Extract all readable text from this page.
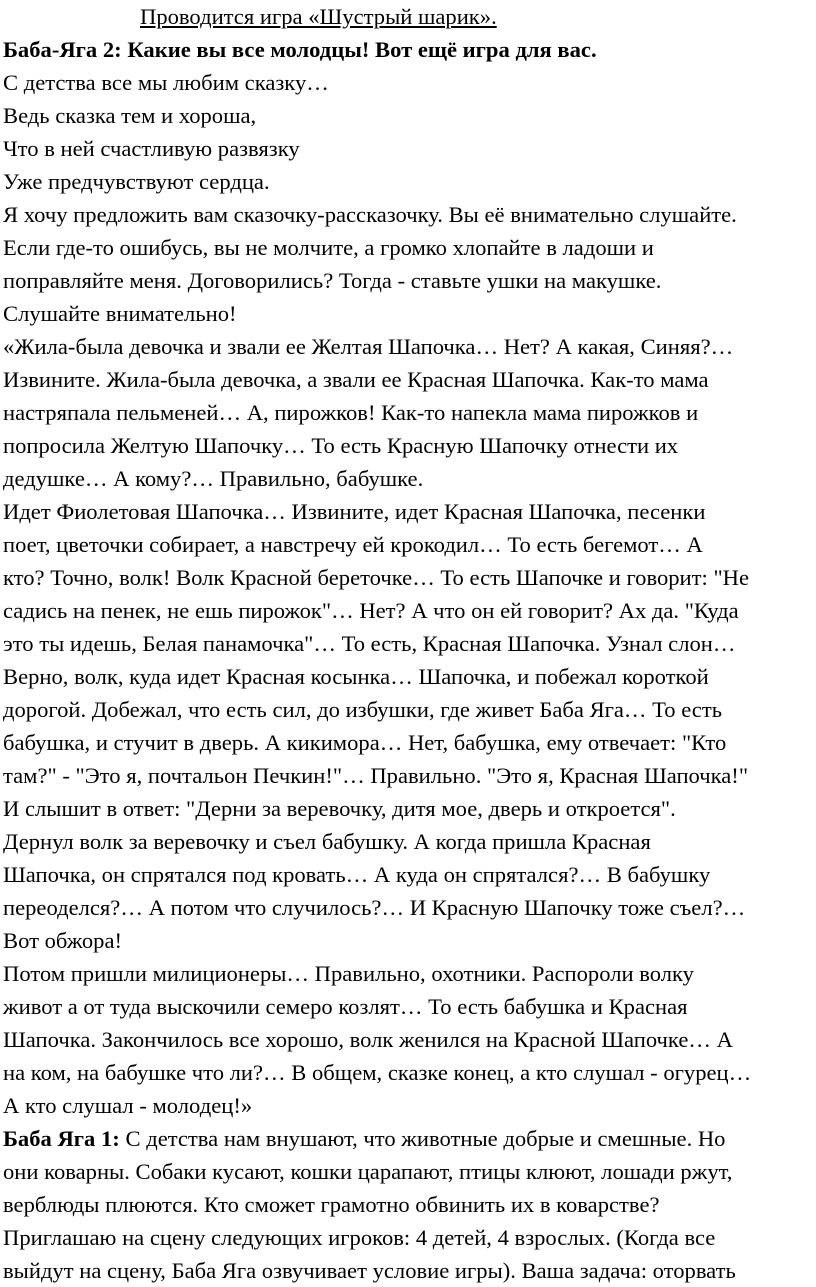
Проводится игра «Шустрый шарик».
Баба-Яга 2: Какие вы все молодцы! Вот ещё игра для вас.
С детства все мы любим сказку…
Ведь сказка тем и хороша,
Что в ней счастливую развязку
Уже предчувствуют сердца.
Я хочу предложить вам сказочку-рассказочку. Вы её внимательно слушайте.
Если где-то ошибусь, вы не молчите, а громко хлопайте в ладоши и
поправляйте меня. Договорились? Тогда - ставьте ушки на макушке.
Слушайте внимательно!
«Жила-была девочка и звали ее Желтая Шапочка… Нет? А какая, Синяя?…
Извините. Жила-была девочка, а звали ее Красная Шапочка. Как-то мама
настряпала пельменей… А, пирожков! Как-то напекла мама пирожков и
попросила Желтую Шапочку… То есть Красную Шапочку отнести их
дедушке… А кому?… Правильно, бабушке.
Идет Фиолетовая Шапочка… Извините, идет Красная Шапочка, песенки
поет, цветочки собирает, а навстречу ей крокодил… То есть бегемот… А
кто? Точно, волк! Волк Красной береточке… То есть Шапочке и говорит: "Не
садись на пенек, не ешь пирожок"… Нет? А что он ей говорит? Ах да. "Куда
это ты идешь, Белая панамочка"… То есть, Красная Шапочка. Узнал слон…
Верно, волк, куда идет Красная косынка… Шапочка, и побежал короткой
дорогой. Добежал, что есть сил, до избушки, где живет Баба Яга… То есть
бабушка, и стучит в дверь. А кикимора… Нет, бабушка, ему отвечает: "Кто
там?" - "Это я, почтальон Печкин!"… Правильно. "Это я, Красная Шапочка!"
И слышит в ответ: "Дерни за веревочку, дитя мое, дверь и откроется".
Дернул волк за веревочку и съел бабушку. А когда пришла Красная
Шапочка, он спрятался под кровать… А куда он спрятался?… В бабушку
переоделся?… А потом что случилось?… И Красную Шапочку тоже съел?…
Вот обжора!
Потом пришли милиционеры… Правильно, охотники. Распороли волку
живот а от туда выскочили семеро козлят… То есть бабушка и Красная
Шапочка. Закончилось все хорошо, волк женился на Красной Шапочке… А
на ком, на бабушке что ли?… В общем, сказке конец, а кто слушал - огурец…
А кто слушал - молодец!»
Баба Яга 1: С детства нам внушают, что животные добрые и смешные. Но
они коварны. Собаки кусают, кошки царапают, птицы клюют, лошади ржут,
верблюды плюются. Кто сможет грамотно обвинить их в коварстве?
Приглашаю на сцену следующих игроков: 4 детей, 4 взрослых. (Когда все
выйдут на сцену, Баба Яга озвучивает условие игры). Ваша задача: оторвать
